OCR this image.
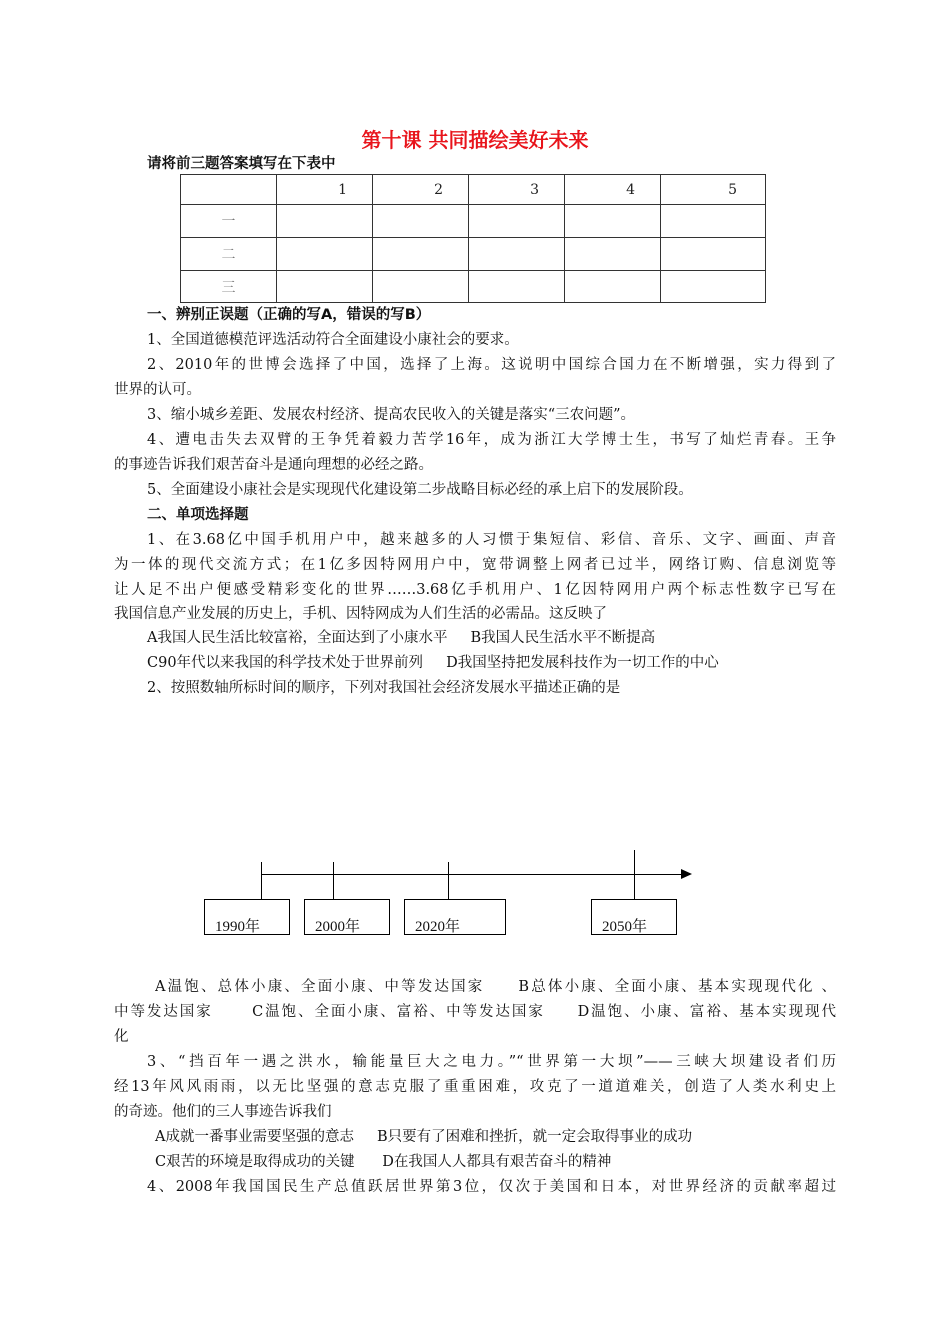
第十课 共同描绘美好未来
请将前三题答案填写在下表中
	1	2	3	4	5
一					
二					
三					
一、辨别正误题（正确的写A，错误的写B）
1、全国道德模范评选活动符合全面建设小康社会的要求。
2、2010年的世博会选择了中国，选择了上海。这说明中国综合国力在不断增强，实力得到了
世界的认可。
3、缩小城乡差距、发展农村经济、提高农民收入的关键是落实“三农问题”。
4、遭电击失去双臂的王争凭着毅力苦学16年，成为浙江大学博士生，书写了灿烂青春。王争
的事迹告诉我们艰苦奋斗是通向理想的必经之路。
5、全面建设小康社会是实现现代化建设第二步战略目标必经的承上启下的发展阶段。
二、单项选择题
1、在3.68亿中国手机用户中，越来越多的人习惯于集短信、彩信、音乐、文字、画面、声音
为一体的现代交流方式；在1亿多因特网用户中，宽带调整上网者已过半，网络订购、信息浏览等
让人足不出户便感受精彩变化的世界……3.68亿手机用户、1亿因特网用户两个标志性数字已写在
我国信息产业发展的历史上，手机、因特网成为人们生活的必需品。这反映了
A我国人民生活比较富裕，全面达到了小康水平     B我国人民生活水平不断提高
C90年代以来我国的科学技术处于世界前列     D我国坚持把发展科技作为一切工作的中心
2、按照数轴所标时间的顺序，下列对我国社会经济发展水平描述正确的是
1990年	2000年	2020年	2050年
A温饱、总体小康、全面小康、中等发达国家     B总体小康、全面小康、基本实现现代化 、
中等发达国家      C温饱、全面小康、富裕、中等发达国家     D温饱、小康、富裕、基本实现现代
化
3、“挡百年一遇之洪水，输能量巨大之电力。”“世界第一大坝”——三峡大坝建设者们历
经13年风风雨雨，以无比坚强的意志克服了重重困难，攻克了一道道难关，创造了人类水利史上
的奇迹。他们的三人事迹告诉我们
A成就一番事业需要坚强的意志     B只要有了困难和挫折，就一定会取得事业的成功
C艰苦的环境是取得成功的关键      D在我国人人都具有艰苦奋斗的精神
4、2008年我国国民生产总值跃居世界第3位，仅次于美国和日本，对世界经济的贡献率超过
